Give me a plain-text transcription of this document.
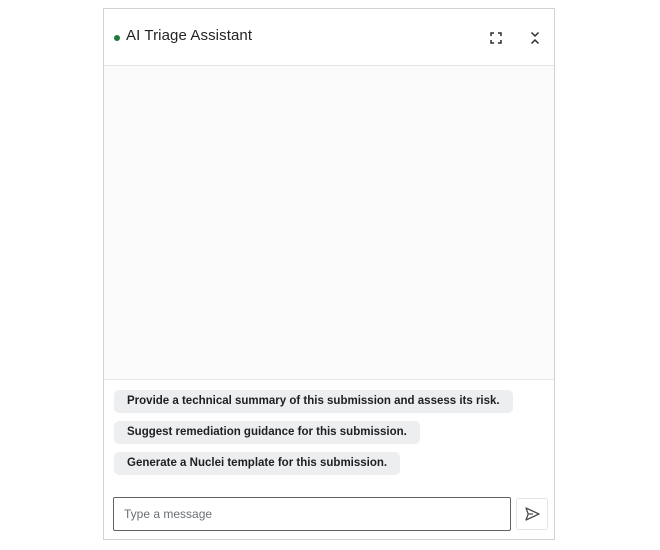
AI Triage Assistant
Provide a technical summary of this submission and assess its risk.
Suggest remediation guidance for this submission.
Generate a Nuclei template for this submission.
Type a message
